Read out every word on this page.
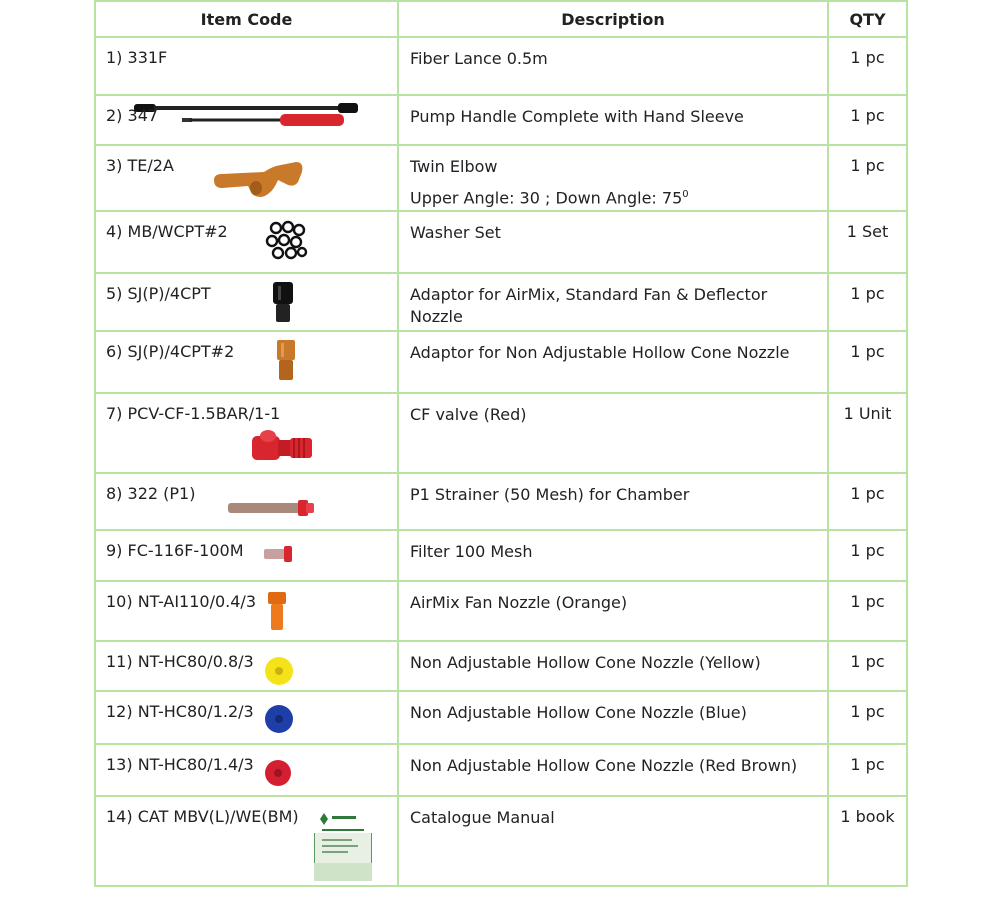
Item Code	Description	QTY

1) 331F	Fiber Lance 0.5m	1 pc

2) 347	Pump Handle Complete with Hand Sleeve	1 pc

3) TE/2A	Twin Elbow
Upper Angle: 30 ; Down Angle: $75^0$	1 pc

4) MB/WCPT#2	Washer Set	1 Set

5) SJ(P)/4CPT	Adaptor for AirMix, Standard Fan & Deflector Nozzle	1 pc

6) SJ(P)/4CPT#2	Adaptor for Non Adjustable Hollow Cone Nozzle	1 pc

7) PCV-CF-1.5BAR/1-1	CF valve (Red)	1 Unit

8) 322 (P1)	P1 Strainer (50 Mesh) for Chamber	1 pc

9) FC-116F-100M	Filter 100 Mesh	1 pc

10) NT-AI110/0.4/3	AirMix Fan Nozzle (Orange)	1 pc

11) NT-HC80/0.8/3	Non Adjustable Hollow Cone Nozzle (Yellow)	1 pc

12) NT-HC80/1.2/3	Non Adjustable Hollow Cone Nozzle (Blue)	1 pc

13) NT-HC80/1.4/3	Non Adjustable Hollow Cone Nozzle (Red Brown)	1 pc

14) CAT MBV(L)/WE(BM)	Catalogue Manual	1 book
